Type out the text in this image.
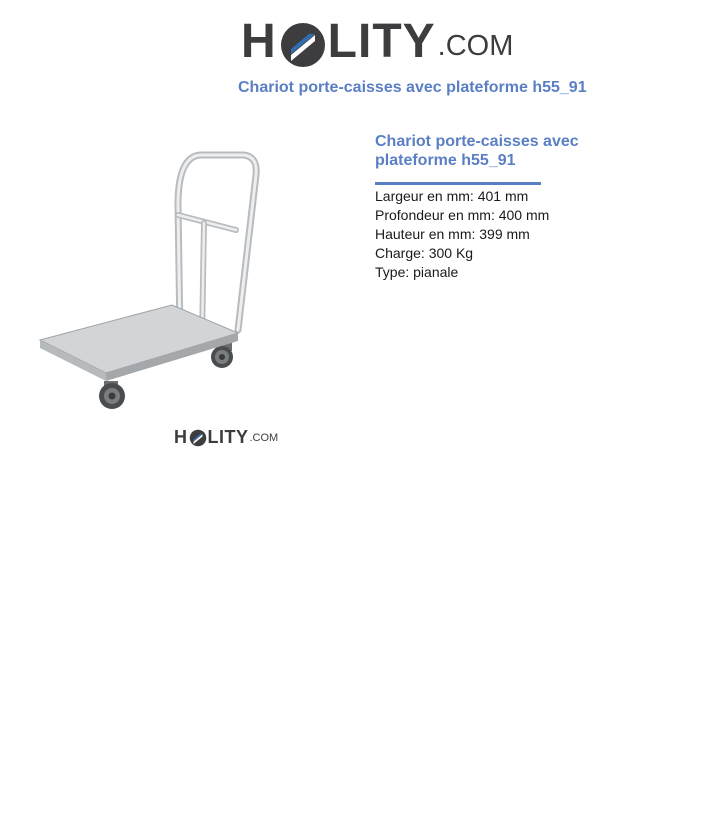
H LITY .COM
Chariot porte-caisses avec plateforme h55_91
H LITY .COM
Chariot porte-caisses avec plateforme h55_91
Largeur en mm: 401 mm
Profondeur en mm: 400 mm
Hauteur en mm: 399 mm
Charge: 300 Kg
Type: pianale
